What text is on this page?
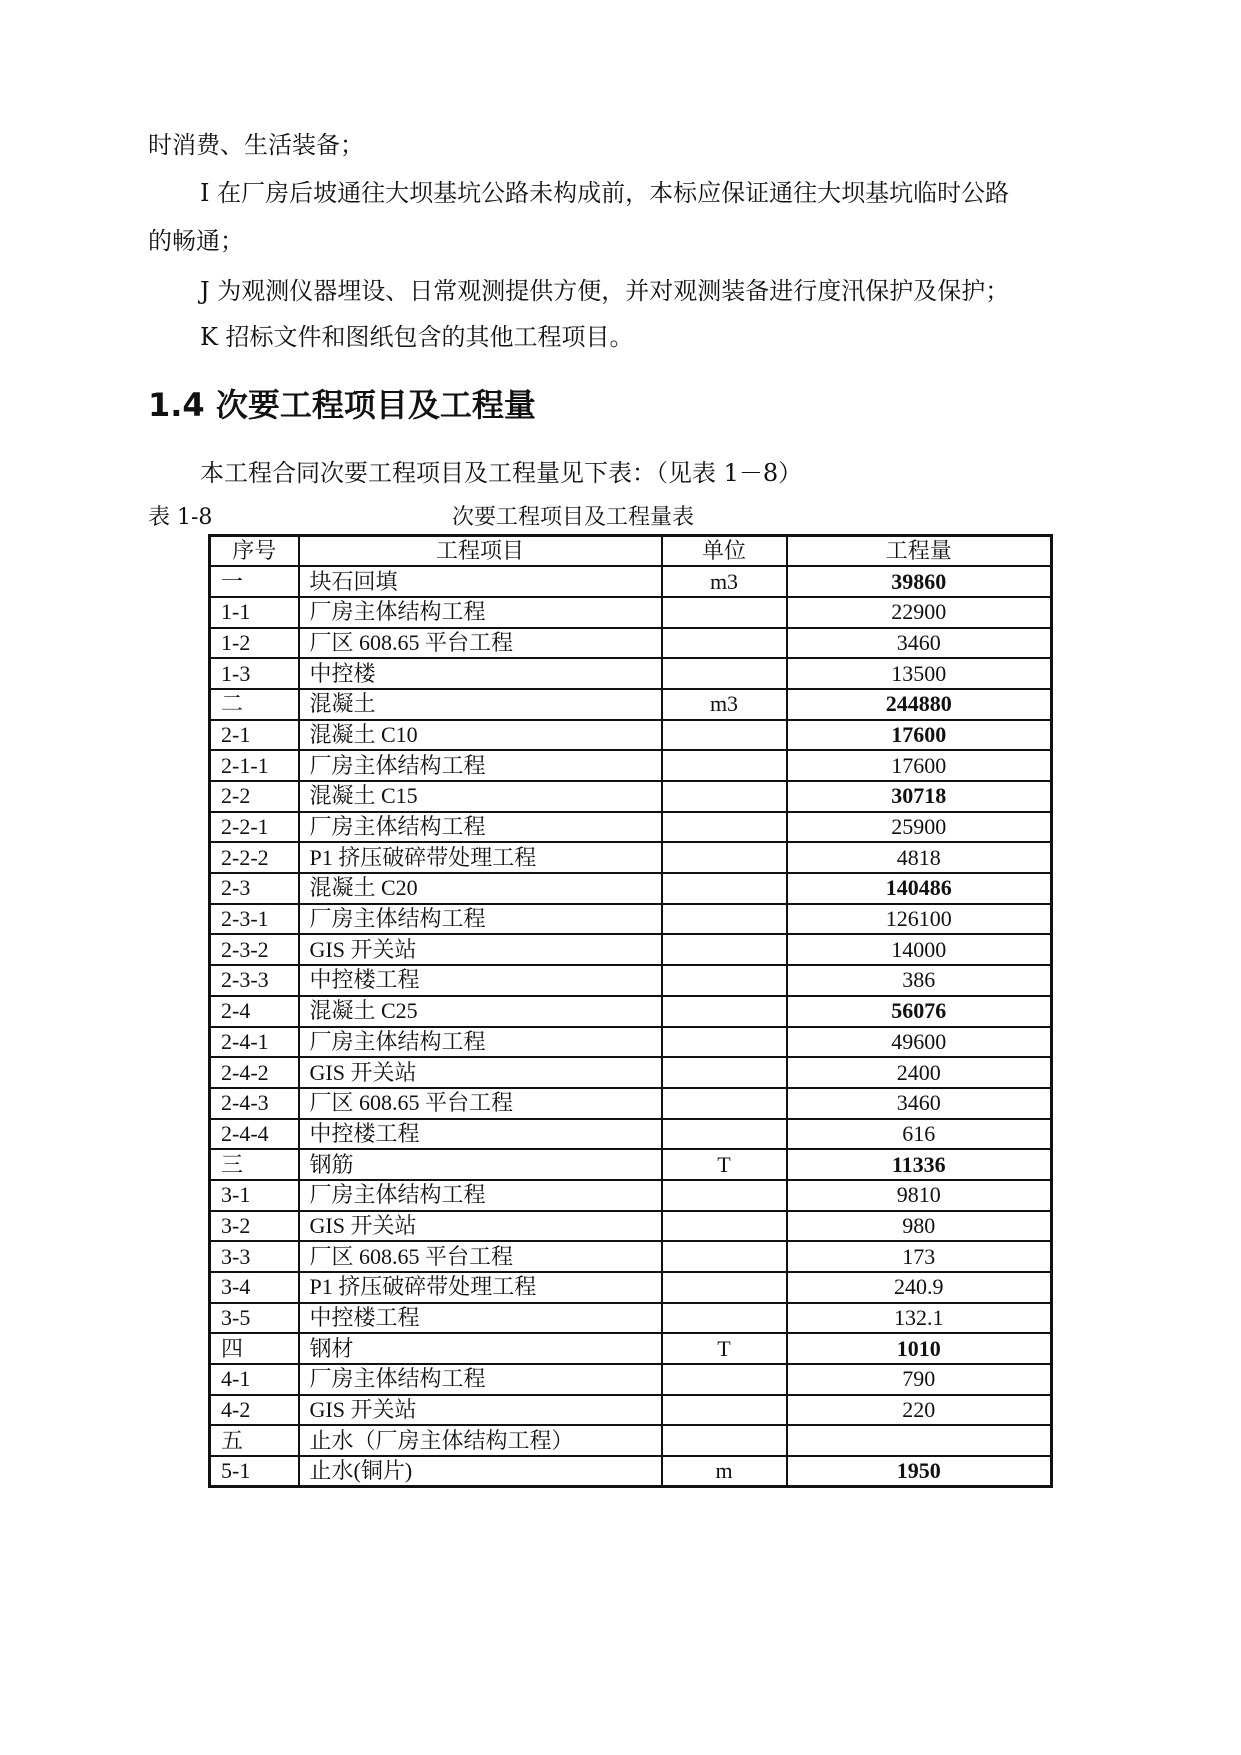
时消费、生活装备；
I 在厂房后坡通往大坝基坑公路未构成前，本标应保证通往大坝基坑临时公路
的畅通；
J 为观测仪器埋设、日常观测提供方便，并对观测装备进行度汛保护及保护；
K 招标文件和图纸包含的其他工程项目。
1.4 次要工程项目及工程量
本工程合同次要工程项目及工程量见下表：（见表 1－8）
表 1-8	次要工程项目及工程量表
序号	工程项目	单位	工程量
一	块石回填	m3	39860
1-1	厂房主体结构工程		22900
1-2	厂区 608.65 平台工程		3460
1-3	中控楼		13500
二	混凝土	m3	244880
2-1	混凝土 C10		17600
2-1-1	厂房主体结构工程		17600
2-2	混凝土 C15		30718
2-2-1	厂房主体结构工程		25900
2-2-2	P1 挤压破碎带处理工程		4818
2-3	混凝土 C20		140486
2-3-1	厂房主体结构工程		126100
2-3-2	GIS 开关站		14000
2-3-3	中控楼工程		386
2-4	混凝土 C25		56076
2-4-1	厂房主体结构工程		49600
2-4-2	GIS 开关站		2400
2-4-3	厂区 608.65 平台工程		3460
2-4-4	中控楼工程		616
三	钢筋	T	11336
3-1	厂房主体结构工程		9810
3-2	GIS 开关站		980
3-3	厂区 608.65 平台工程		173
3-4	P1 挤压破碎带处理工程		240.9
3-5	中控楼工程		132.1
四	钢材	T	1010
4-1	厂房主体结构工程		790
4-2	GIS 开关站		220
五	止水（厂房主体结构工程）		
5-1	止水(铜片)	m	1950
